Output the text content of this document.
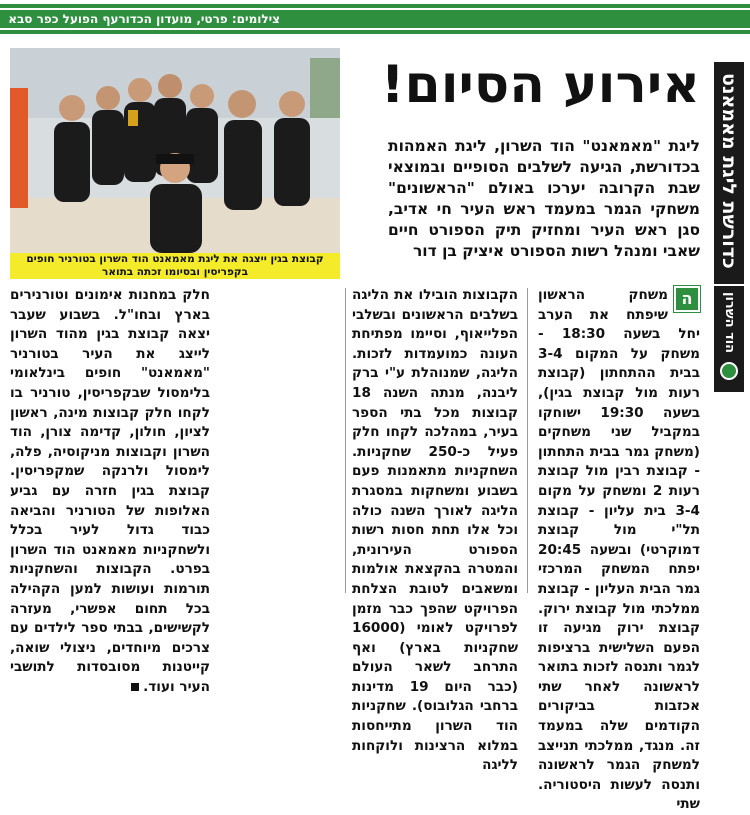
צילומים: פרטי, מועדון הכדורעף הפועל כפר סבא
כדורשת ליגת מאמאנט
הוד השרון
אירוע הסיום!
ליגת "מאמאנט" הוד השרון, ליגת האמהות בכדורשת, הגיעה לשלבים הסופיים ובמוצאי שבת הקרובה יערכו באולם "הראשונים" משחקי הגמר במעמד ראש העיר חי אדיב, סגן ראש העיר ומחזיק תיק הספורט חיים שאבי ומנהל רשות הספורט איציק בן דור
קבוצת בגין ייצגה את ליגת מאמאנט הוד השרון בטורניר חופים בקפריסין ובסיומו זכתה בתואר
ה

משחק הראשון שיפתח את הערב יחל בשעה 18:30 - משחק על המקום 3-4 בבית ההתחתון (קבוצת רעות מול קבוצת בגין), בשעה 19:30 ישוחקו במקביל שני משחקים (משחק גמר בבית התחתון - קבוצת רבין מול קבוצת רעות 2 ומשחק על מקום 3-4 בית עליון - קבוצת תל"י מול קבוצת דמוקרטי) ובשעה 20:45 יפתח המשחק המרכזי גמר הבית העליון - קבוצת ממלכתי מול קבוצת ירוק. קבוצת ירוק מגיעה זו הפעם השלישית ברציפות לגמר ותנסה לזכות בתואר לראשונה לאחר שתי אכזבות בביקורים הקודמים שלה במעמד זה. מנגד, ממלכתי תנייצב למשחק הגמר לראשונה ותנסה לעשות היסטוריה. שתי

הקבוצות הובילו את הליגה בשלבים הראשונים ובשלבי הפלייאוף, וסיימו מפתיחת העונה כמועמדות לזכות. הליגה, שמנוהלת ע"י ברק ליבנה, מנתה השנה 18 קבוצות מכל בתי הספר בעיר, במהלכה לקחו חלק פעיל כ-250 שחקניות. השחקניות מתאמנות פעם בשבוע ומשחקות במסגרת הליגה לאורך השנה כולה וכל אלו תחת חסות רשות הספורט העירונית, והמטרה בהקצאת אולמות ומשאבים לטובת הצלחת הפרויקט שהפך כבר מזמן לפרויקט לאומי (16000 שחקניות בארץ) ואף התרחב לשאר העולם (כבר היום 19 מדינות ברחבי הגלובוס). שחקניות הוד השרון מתייחסות במלוא הרצינות ולוקחות לליגה

חלק במחנות אימונים וטורנירים בארץ ובחו"ל. בשבוע שעבר יצאה קבוצת בגין מהוד השרון לייצג את העיר בטורניר "מאמאנט" חופים בינלאומי בלימסול שבקפריסין, טורניר בו לקחו חלק קבוצות מינה, ראשון לציון, חולון, קדימה צורן, הוד השרון וקבוצות מניקוסיה, פלה, לימסול ולרנקה שמקפריסין. קבוצת בגין חזרה עם גביע האלופות של הטורניר והביאה כבוד גדול לעיר בכלל ולשחקניות מאמאנט הוד השרון בפרט. הקבוצות והשחקניות תורמות ועושות למען הקהילה בכל תחום אפשרי, מעזרה לקשישים, בבתי ספר לילדים עם צרכים מיוחדים, ניצולי שואה, קייטנות מסובסדות לתושבי העיר ועוד.
